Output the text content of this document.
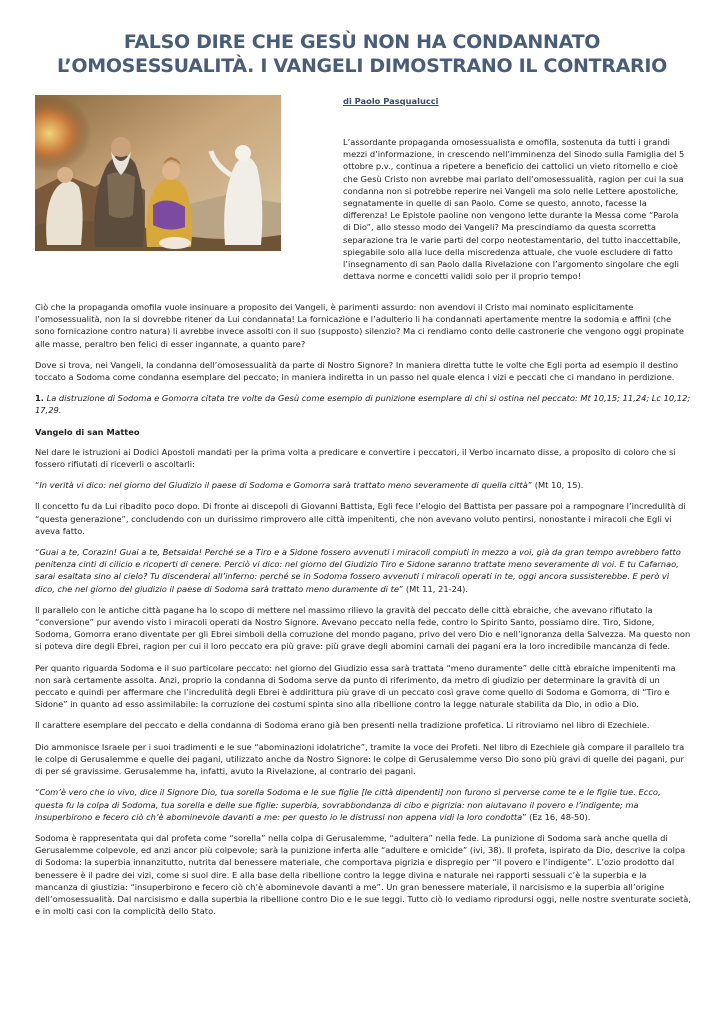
FALSO DIRE CHE GESÙ NON HA CONDANNATO L’OMOSESSUALITÀ. I VANGELI DIMOSTRANO IL CONTRARIO

di Paolo Pasqualucci

L’assordante propaganda omosessualista e omofila, sostenuta da tutti i grandi mezzi d’informazione, in crescendo nell’imminenza del Sinodo sulla Famiglia del 5 ottobre p.v., continua a ripetere a beneficio dei cattolici un vieto ritornello e cioè che Gesù Cristo non avrebbe mai parlato dell’omosessualità, ragion per cui la sua condanna non si potrebbe reperire nei Vangeli ma solo nelle Lettere apostoliche, segnatamente in quelle di san Paolo. Come se questo, annoto, facesse la differenza! Le Epistole paoline non vengono lette durante la Messa come “Parola di Dio”, allo stesso modo dei Vangeli? Ma prescindiamo da questa scorretta separazione tra le varie parti del corpo neotestamentario, del tutto inaccettabile, spiegabile solo alla luce della miscredenza attuale, che vuole escludere di fatto l’insegnamento di san Paolo dalla Rivelazione con l’argomento singolare che egli dettava norme e concetti validi solo per il proprio tempo!

Ciò che la propaganda omofila vuole insinuare a proposito dei Vangeli, è parimenti assurdo: non avendovi il Cristo mai nominato esplicitamente l’omosessualità, non la si dovrebbe ritener da Lui condannata! La fornicazione e l’adulterio li ha condannati apertamente mentre la sodomia e affini (che sono fornicazione contro natura) li avrebbe invece assolti con il suo (supposto) silenzio? Ma ci rendiamo conto delle castronerie che vengono oggi propinate alle masse, peraltro ben felici di esser ingannate, a quanto pare?

Dove si trova, nei Vangeli, la condanna dell’omosessualità da parte di Nostro Signore? In maniera diretta tutte le volte che Egli porta ad esempio il destino toccato a Sodoma come condanna esemplare del peccato; in maniera indiretta in un passo nel quale elenca i vizi e peccati che ci mandano in perdizione.

1. La distruzione di Sodoma e Gomorra citata tre volte da Gesù come esempio di punizione esemplare di chi si ostina nel peccato: Mt 10,15; 11,24; Lc 10,12; 17,29.

Vangelo di san Matteo

Nel dare le istruzioni ai Dodici Apostoli mandati per la prima volta a predicare e convertire i peccatori, il Verbo incarnato disse, a proposito di coloro che si fossero rifiutati di riceverli o ascoltarli:

“In verità vi dico: nel giorno del Giudizio il paese di Sodoma e Gomorra sarà trattato meno severamente di quella città” (Mt 10, 15).

Il concetto fu da Lui ribadito poco dopo. Di fronte ai discepoli di Giovanni Battista, Egli fece l’elogio del Battista per passare poi a rampognare l’incredulità di “questa generazione”, concludendo con un durissimo rimprovero alle città impenitenti, che non avevano voluto pentirsi, nonostante i miracoli che Egli vi aveva fatto.

“Guai a te, Corazin! Guai a te, Betsaida! Perché se a Tiro e a Sidone fossero avvenuti i miracoli compiuti in mezzo a voi, già da gran tempo avrebbero fatto penitenza cinti di cilicio e ricoperti di cenere. Perciò vi dico: nel giorno del Giudizio Tiro e Sidone saranno trattate meno severamente di voi. E tu Cafarnao, sarai esaltata sino al cielo? Tu discenderai all’inferno: perché se in Sodoma fossero avvenuti i miracoli operati in te, oggi ancora sussisterebbe. E però vi dico, che nel giorno del giudizio il paese di Sodoma sarà trattato meno duramente di te” (Mt 11, 21-24).

Il parallelo con le antiche città pagane ha lo scopo di mettere nel massimo rilievo la gravità del peccato delle città ebraiche, che avevano rifiutato la “conversione” pur avendo visto i miracoli operati da Nostro Signore. Avevano peccato nella fede, contro lo Spirito Santo, possiamo dire. Tiro, Sidone, Sodoma, Gomorra erano diventate per gli Ebrei simboli della corruzione del mondo pagano, privo del vero Dio e nell’ignoranza della Salvezza. Ma questo non si poteva dire degli Ebrei, ragion per cui il loro peccato era più grave: più grave degli abomini carnali dei pagani era la loro incredibile mancanza di fede.

Per quanto riguarda Sodoma e il suo particolare peccato: nel giorno del Giudizio essa sarà trattata “meno duramente” delle città ebraiche impenitenti ma non sarà certamente assolta. Anzi, proprio la condanna di Sodoma serve da punto di riferimento, da metro di giudizio per determinare la gravità di un peccato e quindi per affermare che l’incredulità degli Ebrei è addirittura più grave di un peccato così grave come quello di Sodoma e Gomorra, di “Tiro e Sidone” in quanto ad esso assimilabile: la corruzione dei costumi spinta sino alla ribellione contro la legge naturale stabilita da Dio, in odio a Dio.

Il carattere esemplare del peccato e della condanna di Sodoma erano già ben presenti nella tradizione profetica. Li ritroviamo nel libro di Ezechiele.

Dio ammonisce Israele per i suoi tradimenti e le sue “abominazioni idolatriche”, tramite la voce dei Profeti. Nel libro di Ezechiele già compare il parallelo tra le colpe di Gerusalemme e quelle dei pagani, utilizzato anche da Nostro Signore: le colpe di Gerusalemme verso Dio sono più gravi di quelle dei pagani, pur di per sé gravissime. Gerusalemme ha, infatti, avuto la Rivelazione, al contrario dei pagani.

“Com’è vero che io vivo, dice il Signore Dio, tua sorella Sodoma e le sue figlie [le città dipendenti] non furono sì perverse come te e le figlie tue. Ecco, questa fu la colpa di Sodoma, tua sorella e delle sue figlie: superbia, sovrabbondanza di cibo e pigrizia: non aiutavano il povero e l’indigente; ma insuperbirono e fecero ciò ch’è abominevole davanti a me: per questo io le distrussi non appena vidi la loro condotta” (Ez 16, 48-50).

Sodoma è rappresentata qui dal profeta come “sorella” nella colpa di Gerusalemme, “adultera” nella fede. La punizione di Sodoma sarà anche quella di Gerusalemme colpevole, ed anzi ancor più colpevole; sarà la punizione inferta alle “adultere e omicide” (ivi, 38). Il profeta, ispirato da Dio, descrive la colpa di Sodoma: la superbia innanzitutto, nutrita dal benessere materiale, che comportava pigrizia e dispregio per “il povero e l’indigente”. L’ozio prodotto dal benessere è il padre dei vizi, come si suol dire. E alla base della ribellione contro la legge divina e naturale nei rapporti sessuali c’è la superbia e la mancanza di giustizia: “insuperbirono e fecero ciò ch’è abominevole davanti a me”. Un gran benessere materiale, il narcisismo e la superbia all’origine dell’omosessualità. Dal narcisismo e dalla superbia la ribellione contro Dio e le sue leggi. Tutto ciò lo vediamo riprodursi oggi, nelle nostre sventurate società, e in molti casi con la complicità dello Stato.
